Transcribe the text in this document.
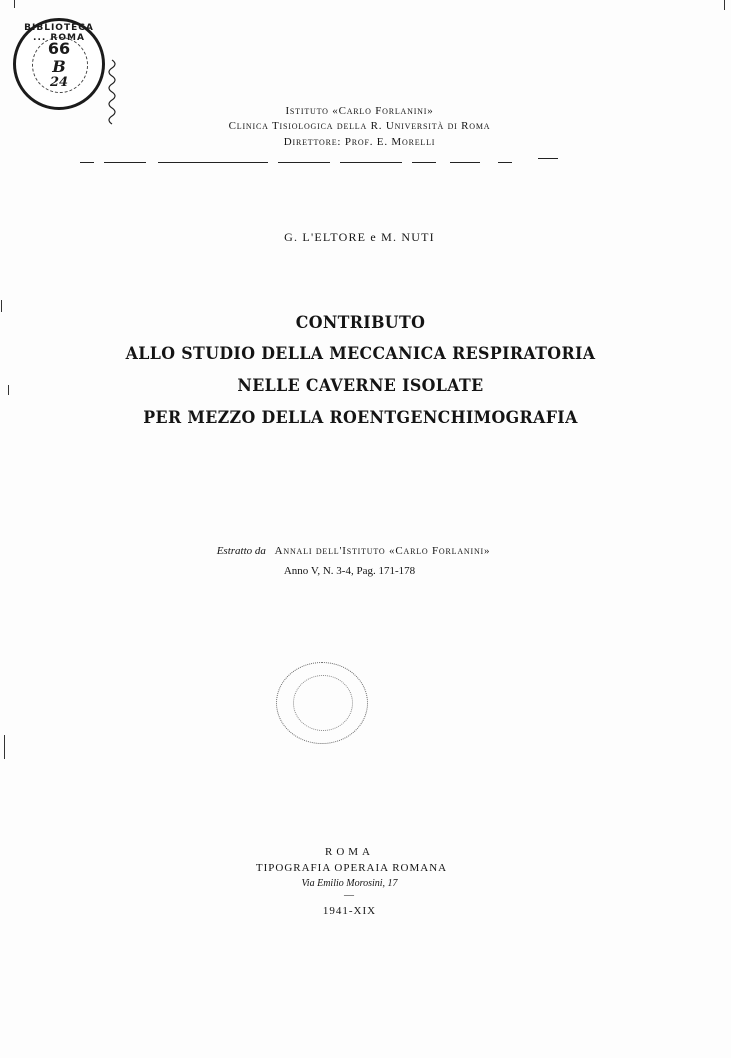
BIBLIOTECA ... ROMA
66
B
24
Istituto «Carlo Forlanini»
Clinica Tisiologica della R. Università di Roma
Direttore: Prof. E. Morelli
G. L'ELTORE e M. NUTI
CONTRIBUTO
ALLO STUDIO DELLA MECCANICA RESPIRATORIA
NELLE CAVERNE ISOLATE
PER MEZZO DELLA ROENTGENCHIMOGRAFIA
Estratto da Annali dell'Istituto «Carlo Forlanini»
Anno V, N. 3-4, Pag. 171-178
ROMA
TIPOGRAFIA OPERAIA ROMANA
Via Emilio Morosini, 17
—
1941-XIX
